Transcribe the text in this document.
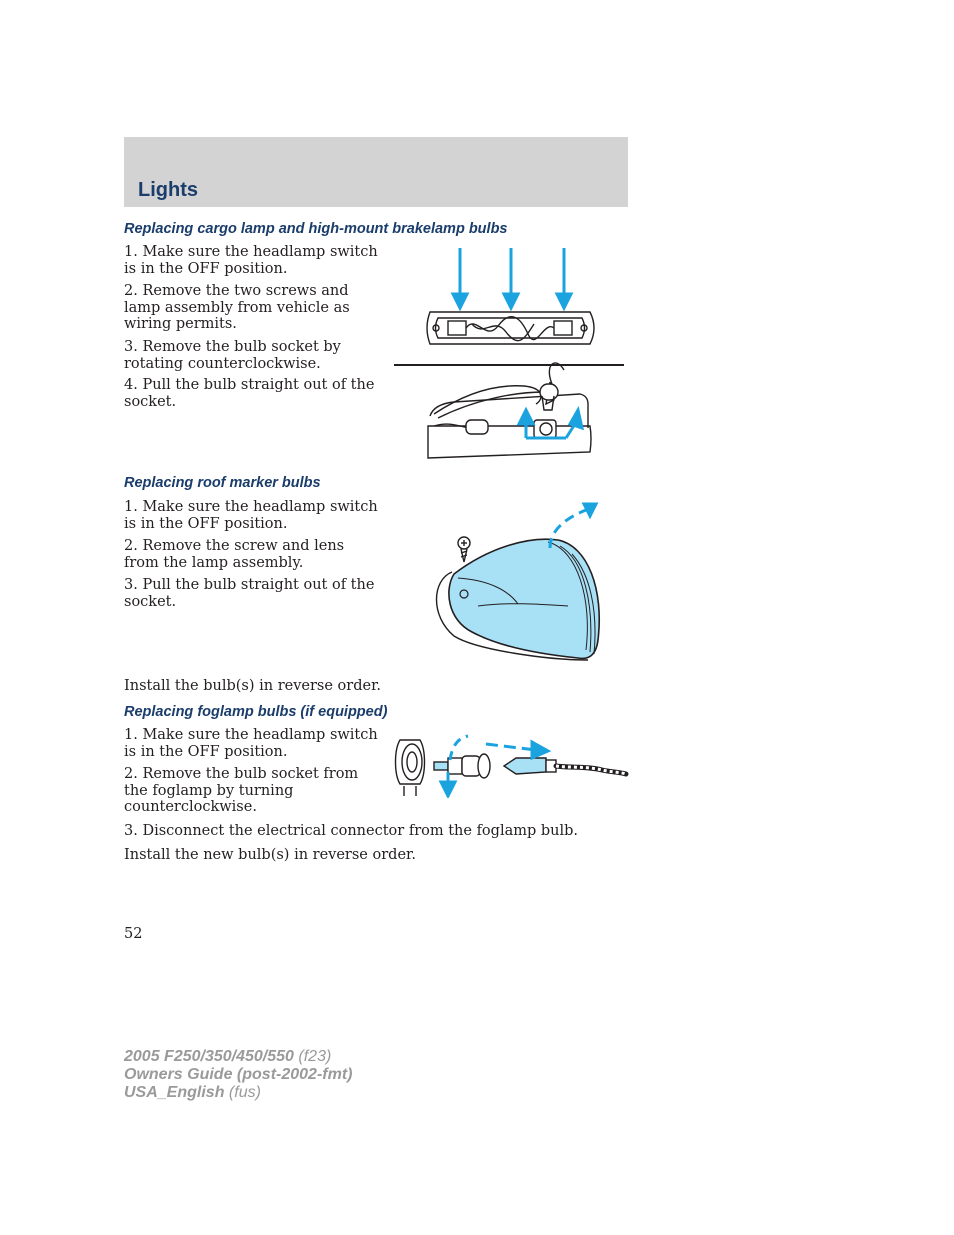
Lights
Replacing cargo lamp and high-mount brakelamp bulbs

1. Make sure the headlamp switch is in the OFF position.

2. Remove the two screws and lamp assembly from vehicle as wiring permits.

3. Remove the bulb socket by rotating counterclockwise.

4. Pull the bulb straight out of the socket.

Replacing roof marker bulbs

1. Make sure the headlamp switch is in the OFF position.

2. Remove the screw and lens from the lamp assembly.

3. Pull the bulb straight out of the socket.

Install the bulb(s) in reverse order.

Replacing foglamp bulbs (if equipped)

1. Make sure the headlamp switch is in the OFF position.

2. Remove the bulb socket from the foglamp by turning counterclockwise.

3. Disconnect the electrical connector from the foglamp bulb.

Install the new bulb(s) in reverse order.

52

2005 F250/350/450/550 (f23)
Owners Guide (post-2002-fmt)
USA_English (fus)
